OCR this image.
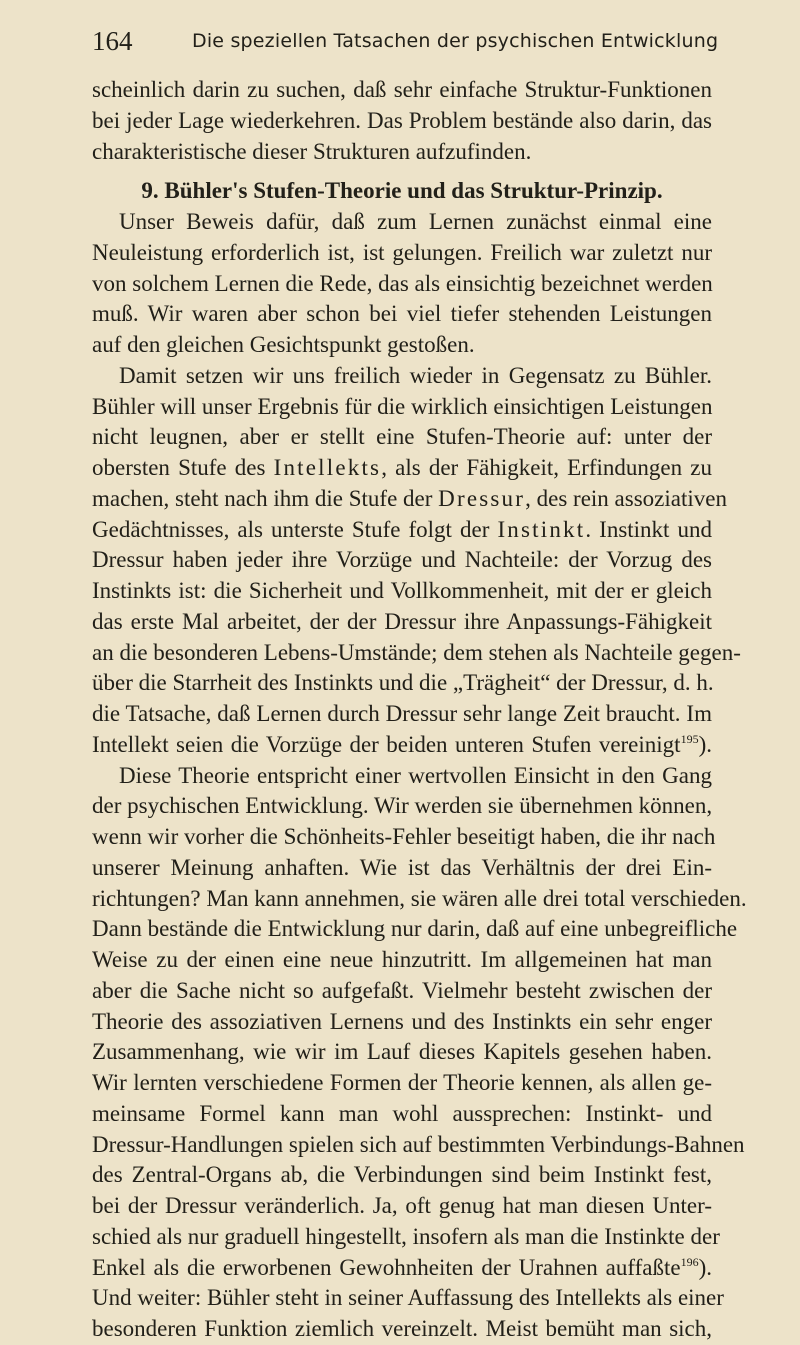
164	Die speziellen Tatsachen der psychischen Entwicklung
scheinlich darin zu suchen, daß sehr einfache Struktur-Funktionen
bei jeder Lage wiederkehren. Das Problem bestände also darin, das
charakteristische dieser Strukturen aufzufinden.
9. Bühler's Stufen-Theorie und das Struktur-Prinzip.
Unser Beweis dafür, daß zum Lernen zunächst einmal eine
Neuleistung erforderlich ist, ist gelungen. Freilich war zuletzt nur
von solchem Lernen die Rede, das als einsichtig bezeichnet werden
muß. Wir waren aber schon bei viel tiefer stehenden Leistungen
auf den gleichen Gesichtspunkt gestoßen.
Damit setzen wir uns freilich wieder in Gegensatz zu Bühler.
Bühler will unser Ergebnis für die wirklich einsichtigen Leistungen
nicht leugnen, aber er stellt eine Stufen-Theorie auf: unter der
obersten Stufe des Intellekts, als der Fähigkeit, Erfindungen zu
machen, steht nach ihm die Stufe der Dressur, des rein assoziativen
Gedächtnisses, als unterste Stufe folgt der Instinkt. Instinkt und
Dressur haben jeder ihre Vorzüge und Nachteile: der Vorzug des
Instinkts ist: die Sicherheit und Vollkommenheit, mit der er gleich
das erste Mal arbeitet, der der Dressur ihre Anpassungs-Fähigkeit
an die besonderen Lebens-Umstände; dem stehen als Nachteile gegen-
über die Starrheit des Instinkts und die „Trägheit“ der Dressur, d. h.
die Tatsache, daß Lernen durch Dressur sehr lange Zeit braucht. Im
Intellekt seien die Vorzüge der beiden unteren Stufen vereinigt$^{195}$).
Diese Theorie entspricht einer wertvollen Einsicht in den Gang
der psychischen Entwicklung. Wir werden sie übernehmen können,
wenn wir vorher die Schönheits-Fehler beseitigt haben, die ihr nach
unserer Meinung anhaften. Wie ist das Verhältnis der drei Ein-
richtungen? Man kann annehmen, sie wären alle drei total verschieden.
Dann bestände die Entwicklung nur darin, daß auf eine unbegreifliche
Weise zu der einen eine neue hinzutritt. Im allgemeinen hat man
aber die Sache nicht so aufgefaßt. Vielmehr besteht zwischen der
Theorie des assoziativen Lernens und des Instinkts ein sehr enger
Zusammenhang, wie wir im Lauf dieses Kapitels gesehen haben.
Wir lernten verschiedene Formen der Theorie kennen, als allen ge-
meinsame Formel kann man wohl aussprechen: Instinkt- und
Dressur-Handlungen spielen sich auf bestimmten Verbindungs-Bahnen
des Zentral-Organs ab, die Verbindungen sind beim Instinkt fest,
bei der Dressur veränderlich. Ja, oft genug hat man diesen Unter-
schied als nur graduell hingestellt, insofern als man die Instinkte der
Enkel als die erworbenen Gewohnheiten der Urahnen auffaßte$^{196}$).
Und weiter: Bühler steht in seiner Auffassung des Intellekts als einer
besonderen Funktion ziemlich vereinzelt. Meist bemüht man sich,
